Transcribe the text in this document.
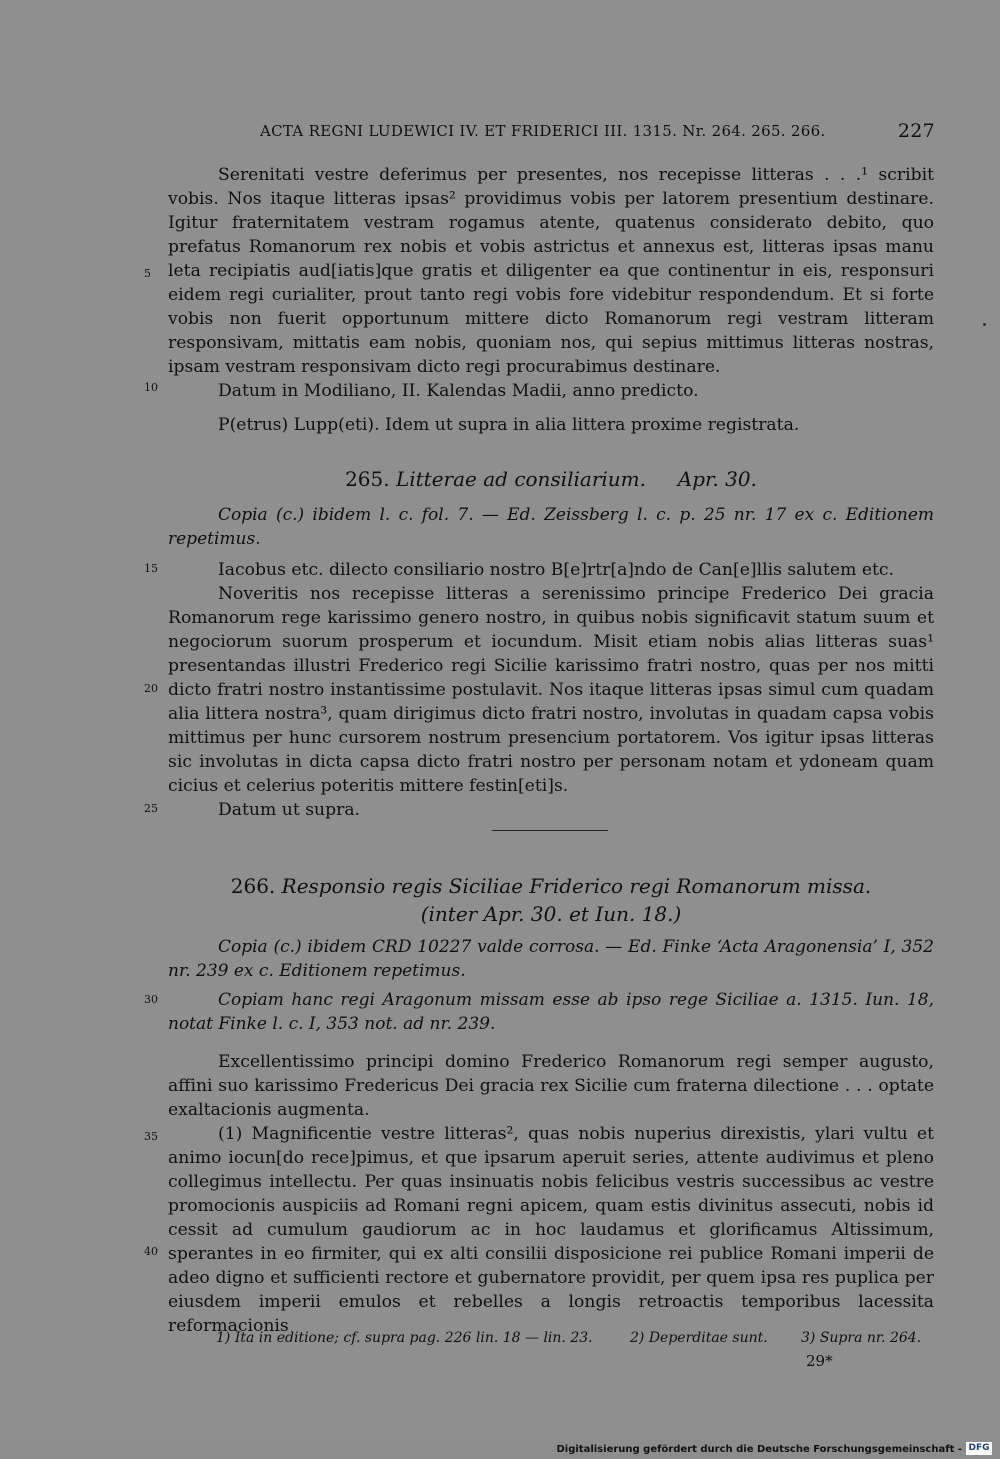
ACTA REGNI LUDEWICI IV. ET FRIDERICI III. 1315. Nr. 264. 265. 266.	227

Serenitati vestre deferimus per presentes, nos recepisse litteras . . .¹ scribit vobis. Nos itaque litteras ipsas² providimus vobis per latorem presentium destinare. Igitur fraternitatem vestram rogamus atente, quatenus considerato debito, quo prefatus Romanorum rex nobis et vobis astrictus et annexus est, litteras ipsas manu leta recipiatis aud[iatis]que gratis et diligenter ea que continentur in eis, responsuri eidem regi curialiter, prout tanto regi vobis fore videbitur respondendum. Et si forte vobis non fuerit opportunum mittere dicto Romanorum regi vestram litteram responsivam, mittatis eam nobis, quoniam nos, qui sepius mittimus litteras nostras, ipsam vestram responsivam dicto regi procurabimus destinare.

Datum in Modiliano, II. Kalendas Madii, anno predicto.

P(etrus) Lupp(eti). Idem ut supra in alia littera proxime registrata.

5
10
265. Litterae ad consiliarium. Apr. 30.
Copia (c.) ibidem l. c. fol. 7. — Ed. Zeissberg l. c. p. 25 nr. 17 ex c. Editionem repetimus.

Iacobus etc. dilecto consiliario nostro B[e]rtr[a]ndo de Can[e]llis salutem etc.

Noveritis nos recepisse litteras a serenissimo principe Frederico Dei gracia Romanorum rege karissimo genero nostro, in quibus nobis significavit statum suum et negociorum suorum prosperum et iocundum. Misit etiam nobis alias litteras suas¹ presentandas illustri Frederico regi Sicilie karissimo fratri nostro, quas per nos mitti dicto fratri nostro instantissime postulavit. Nos itaque litteras ipsas simul cum quadam alia littera nostra³, quam dirigimus dicto fratri nostro, involutas in quadam capsa vobis mittimus per hunc cursorem nostrum presencium portatorem. Vos igitur ipsas litteras sic involutas in dicta capsa dicto fratri nostro per personam notam et ydoneam quam cicius et celerius poteritis mittere festin[eti]s.

Datum ut supra.

15
20
25
266. Responsio regis Siciliae Friderico regi Romanorum missa.
(inter Apr. 30. et Iun. 18.)
Copia (c.) ibidem CRD 10227 valde corrosa. — Ed. Finke ‘Acta Aragonensia’ I, 352 nr. 239 ex c. Editionem repetimus.
Copiam hanc regi Aragonum missam esse ab ipso rege Siciliae a. 1315. Iun. 18, notat Finke l. c. I, 353 not. ad nr. 239.

Excellentissimo principi domino Frederico Romanorum regi semper augusto, affini suo karissimo Fredericus Dei gracia rex Sicilie cum fraterna dilectione . . . optate exaltacionis augmenta.

(1) Magnificentie vestre litteras², quas nobis nuperius direxistis, ylari vultu et animo iocun[do rece]pimus, et que ipsarum aperuit series, attente audivimus et pleno collegimus intellectu. Per quas insinuatis nobis felicibus vestris successibus ac vestre promocionis auspiciis ad Romani regni apicem, quam estis divinitus assecuti, nobis id cessit ad cumulum gaudiorum ac in hoc laudamus et glorificamus Altissimum, sperantes in eo firmiter, qui ex alti consilii disposicione rei publice Romani imperii de adeo digno et sufficienti rectore et gubernatore providit, per quem ipsa res puplica per eiusdem imperii emulos et rebelles a longis retroactis temporibus lacessita reformacionis

30
35
40
1) Ita in editione; cf. supra pag. 226 lin. 18 — lin. 23.	2) Deperditae sunt. 3) Supra nr. 264.
29*
Digitalisierung gefördert durch die Deutsche Forschungsgemeinschaft - DFG
